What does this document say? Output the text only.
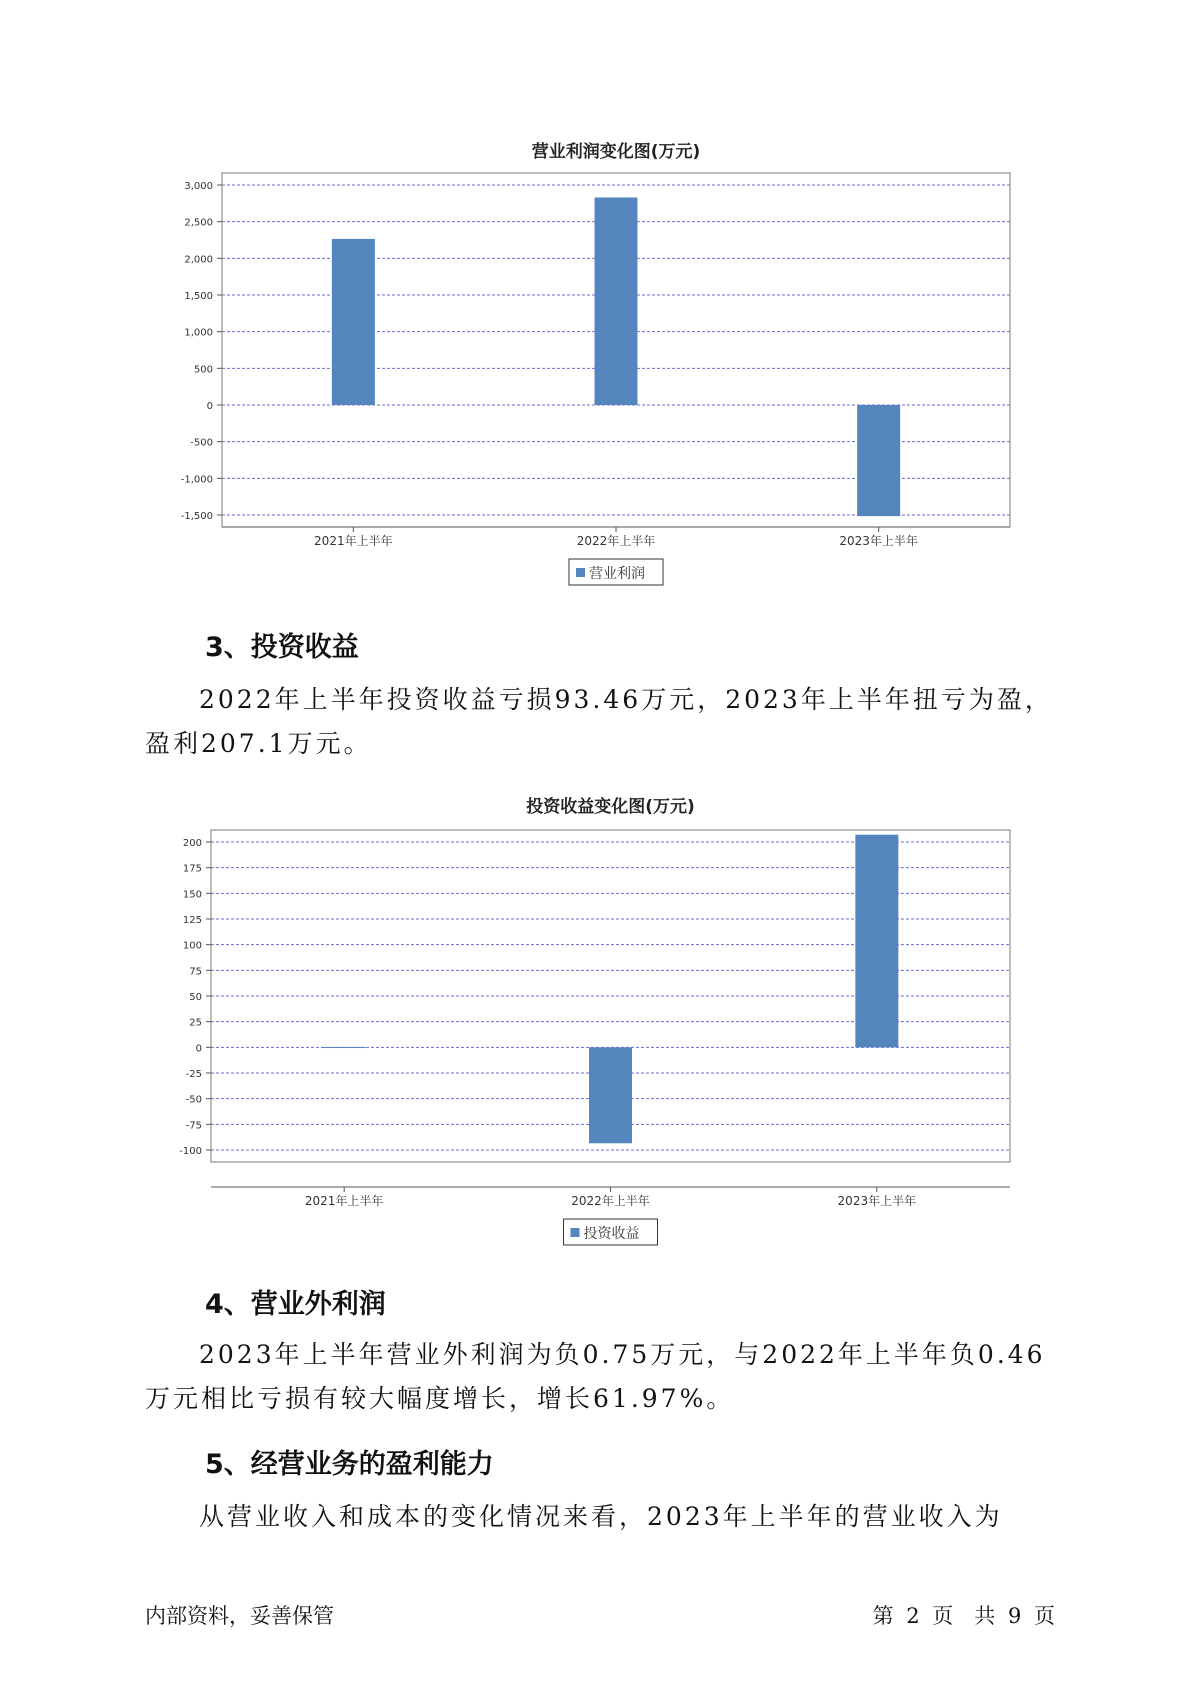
营业利润变化图(万元)
3,000
2,500
2,000
1,500
1,000
500
0
-500
-1,000
-1,500
2021年上半年	2022年上半年	2023年上半年
营业利润
3、投资收益

2022年上半年投资收益亏损93.46万元，2023年上半年扭亏为盈，盈利207.1万元。

投资收益变化图(万元)
200
175
150
125
100
75
50
25
0
-25
-50
-75
-100
2021年上半年	2022年上半年	2023年上半年
投资收益
4、营业外利润

2023年上半年营业外利润为负0.75万元，与2022年上半年负0.46万元相比亏损有较大幅度增长，增长61.97%。

5、经营业务的盈利能力

从营业收入和成本的变化情况来看，2023年上半年的营业收入为

内部资料，妥善保管	第 2 页　共 9 页
